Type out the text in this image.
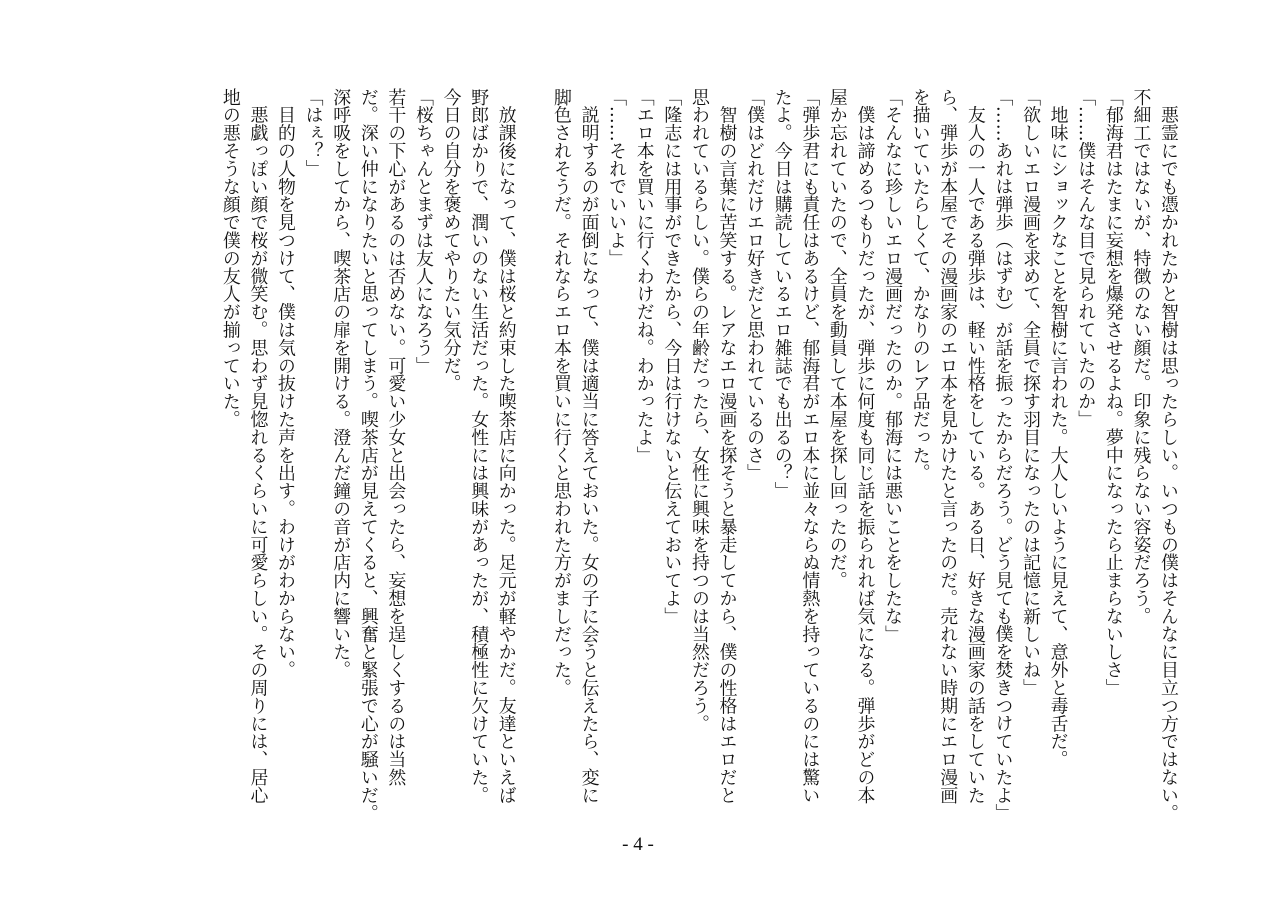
　悪霊にでも憑かれたかと智樹は思ったらしい。いつもの僕はそんなに目立つ方ではない。

不細工ではないが、特徴のない顔だ。印象に残らない容姿だろう。

「郁海君はたまに妄想を爆発させるよね。夢中になったら止まらないしさ」

「……僕はそんな目で見られていたのか」

　地味にショックなことを智樹に言われた。大人しいように見えて、意外と毒舌だ。

「欲しいエロ漫画を求めて、全員で探す羽目になったのは記憶に新しいね」

「……あれは弾歩（はずむ）が話を振ったからだろう。どう見ても僕を焚きつけていたよ」

　友人の一人である弾歩は、軽い性格をしている。ある日、好きな漫画家の話をしていた

ら、弾歩が本屋でその漫画家のエロ本を見かけたと言ったのだ。売れない時期にエロ漫画

を描いていたらしくて、かなりのレア品だった。

「そんなに珍しいエロ漫画だったのか。郁海には悪いことをしたな」

　僕は諦めるつもりだったが、弾歩に何度も同じ話を振られれば気になる。弾歩がどの本

屋か忘れていたので、全員を動員して本屋を探し回ったのだ。

「弾歩君にも責任はあるけど、郁海君がエロ本に並々ならぬ情熱を持っているのには驚い

たよ。今日は購読しているエロ雑誌でも出るの？」

「僕はどれだけエロ好きだと思われているのさ」

　智樹の言葉に苦笑する。レアなエロ漫画を探そうと暴走してから、僕の性格はエロだと

思われているらしい。僕らの年齢だったら、女性に興味を持つのは当然だろう。

「隆志には用事ができたから、今日は行けないと伝えておいてよ」

「エロ本を買いに行くわけだね。わかったよ」

「……それでいいよ」

　説明するのが面倒になって、僕は適当に答えておいた。女の子に会うと伝えたら、変に

脚色されそうだ。それならエロ本を買いに行くと思われた方がましだった。

　放課後になって、僕は桜と約束した喫茶店に向かった。足元が軽やかだ。友達といえば

野郎ばかりで、潤いのない生活だった。女性には興味があったが、積極性に欠けていた。

今日の自分を褒めてやりたい気分だ。

「桜ちゃんとまずは友人になろう」

若干の下心があるのは否めない。可愛い少女と出会ったら、妄想を逞しくするのは当然

だ。深い仲になりたいと思ってしまう。喫茶店が見えてくると、興奮と緊張で心が騒いだ。

深呼吸をしてから、喫茶店の扉を開ける。澄んだ鐘の音が店内に響いた。

「はぇ？」

　目的の人物を見つけて、僕は気の抜けた声を出す。わけがわからない。

　悪戯っぽい顔で桜が微笑む。思わず見惚れるくらいに可愛らしい。その周りには、居心

地の悪そうな顔で僕の友人が揃っていた。

- 4 -
